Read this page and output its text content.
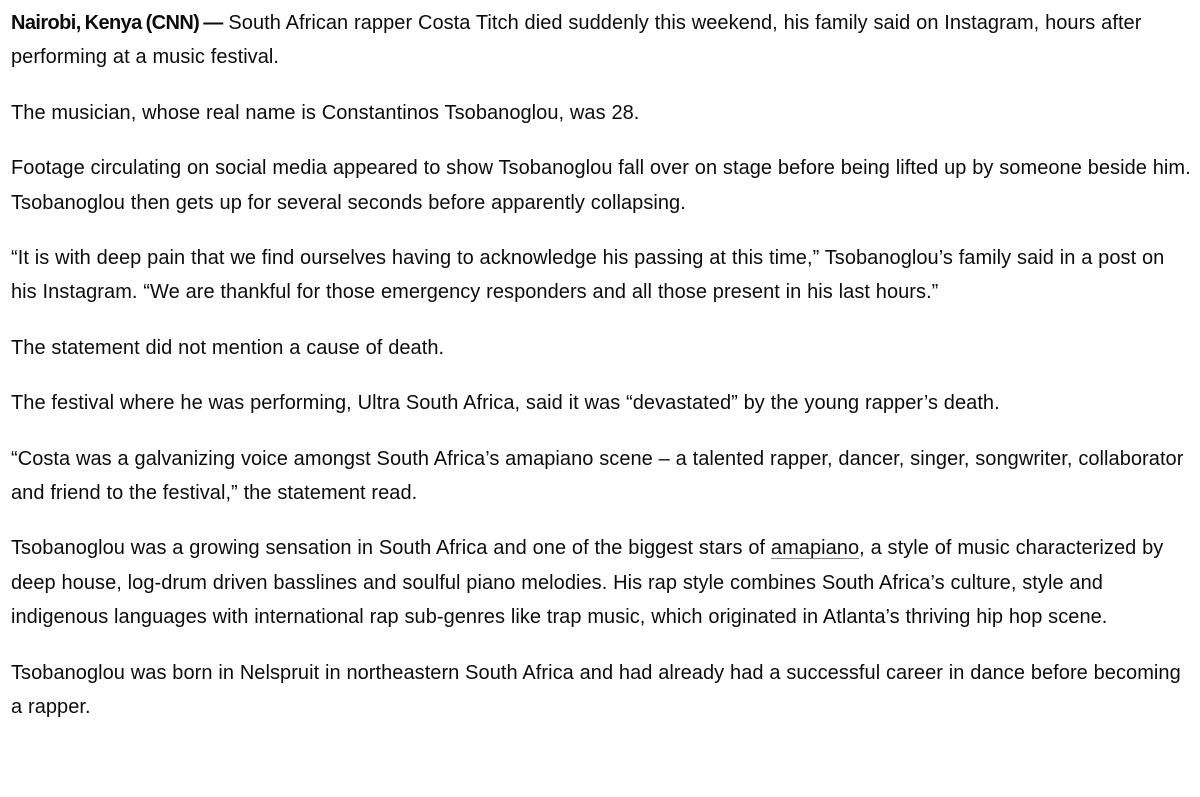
Nairobi, Kenya (CNN) — South African rapper Costa Titch died suddenly this weekend, his family said on Instagram, hours after performing at a music festival.

The musician, whose real name is Constantinos Tsobanoglou, was 28.

Footage circulating on social media appeared to show Tsobanoglou fall over on stage before being lifted up by someone beside him. Tsobanoglou then gets up for several seconds before apparently collapsing.

“It is with deep pain that we find ourselves having to acknowledge his passing at this time,” Tsobanoglou’s family said in a post on his Instagram. “We are thankful for those emergency responders and all those present in his last hours.”

The statement did not mention a cause of death.

The festival where he was performing, Ultra South Africa, said it was “devastated” by the young rapper’s death.

“Costa was a galvanizing voice amongst South Africa’s amapiano scene – a talented rapper, dancer, singer, songwriter, collaborator and friend to the festival,” the statement read.

Tsobanoglou was a growing sensation in South Africa and one of the biggest stars of amapiano, a style of music characterized by deep house, log-drum driven basslines and soulful piano melodies. His rap style combines South Africa’s culture, style and indigenous languages with international rap sub-genres like trap music, which originated in Atlanta’s thriving hip hop scene.

Tsobanoglou was born in Nelspruit in northeastern South Africa and had already had a successful career in dance before becoming a rapper.
